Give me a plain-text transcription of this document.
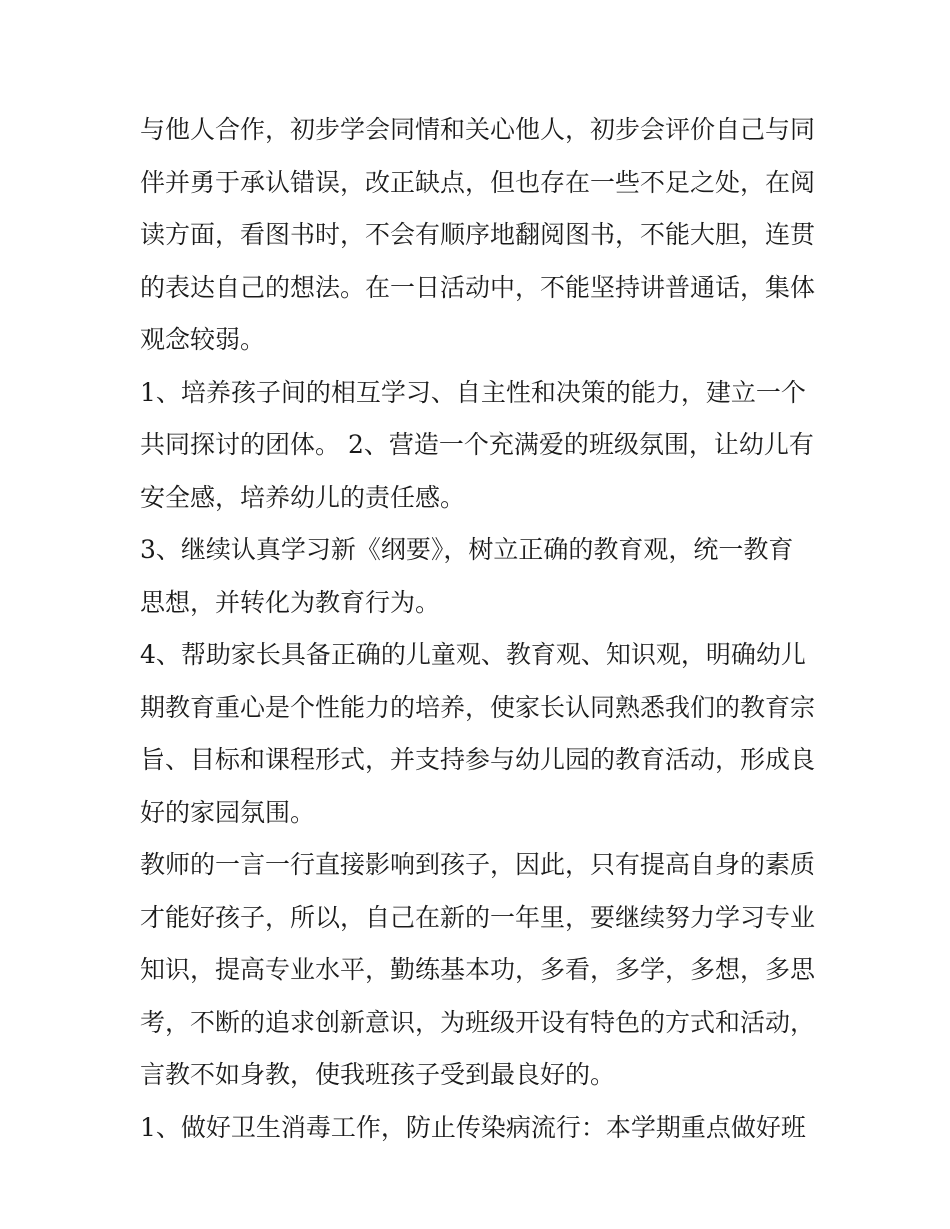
与他人合作，初步学会同情和关心他人，初步会评价自己与同
伴并勇于承认错误，改正缺点，但也存在一些不足之处，在阅
读方面，看图书时，不会有顺序地翻阅图书，不能大胆，连贯
的表达自己的想法。在一日活动中，不能坚持讲普通话，集体
观念较弱。
1、培养孩子间的相互学习、自主性和决策的能力，建立一个
共同探讨的团体。 2、营造一个充满爱的班级氛围，让幼儿有
安全感，培养幼儿的责任感。
3、继续认真学习新《纲要》，树立正确的教育观，统一教育
思想，并转化为教育行为。
4、帮助家长具备正确的儿童观、教育观、知识观，明确幼儿
期教育重心是个性能力的培养，使家长认同熟悉我们的教育宗
旨、目标和课程形式，并支持参与幼儿园的教育活动，形成良
好的家园氛围。
教师的一言一行直接影响到孩子，因此，只有提高自身的素质
才能好孩子，所以，自己在新的一年里，要继续努力学习专业
知识，提高专业水平，勤练基本功，多看，多学，多想，多思
考，不断的追求创新意识，为班级开设有特色的方式和活动，
言教不如身教，使我班孩子受到最良好的。
1、做好卫生消毒工作，防止传染病流行：本学期重点做好班
